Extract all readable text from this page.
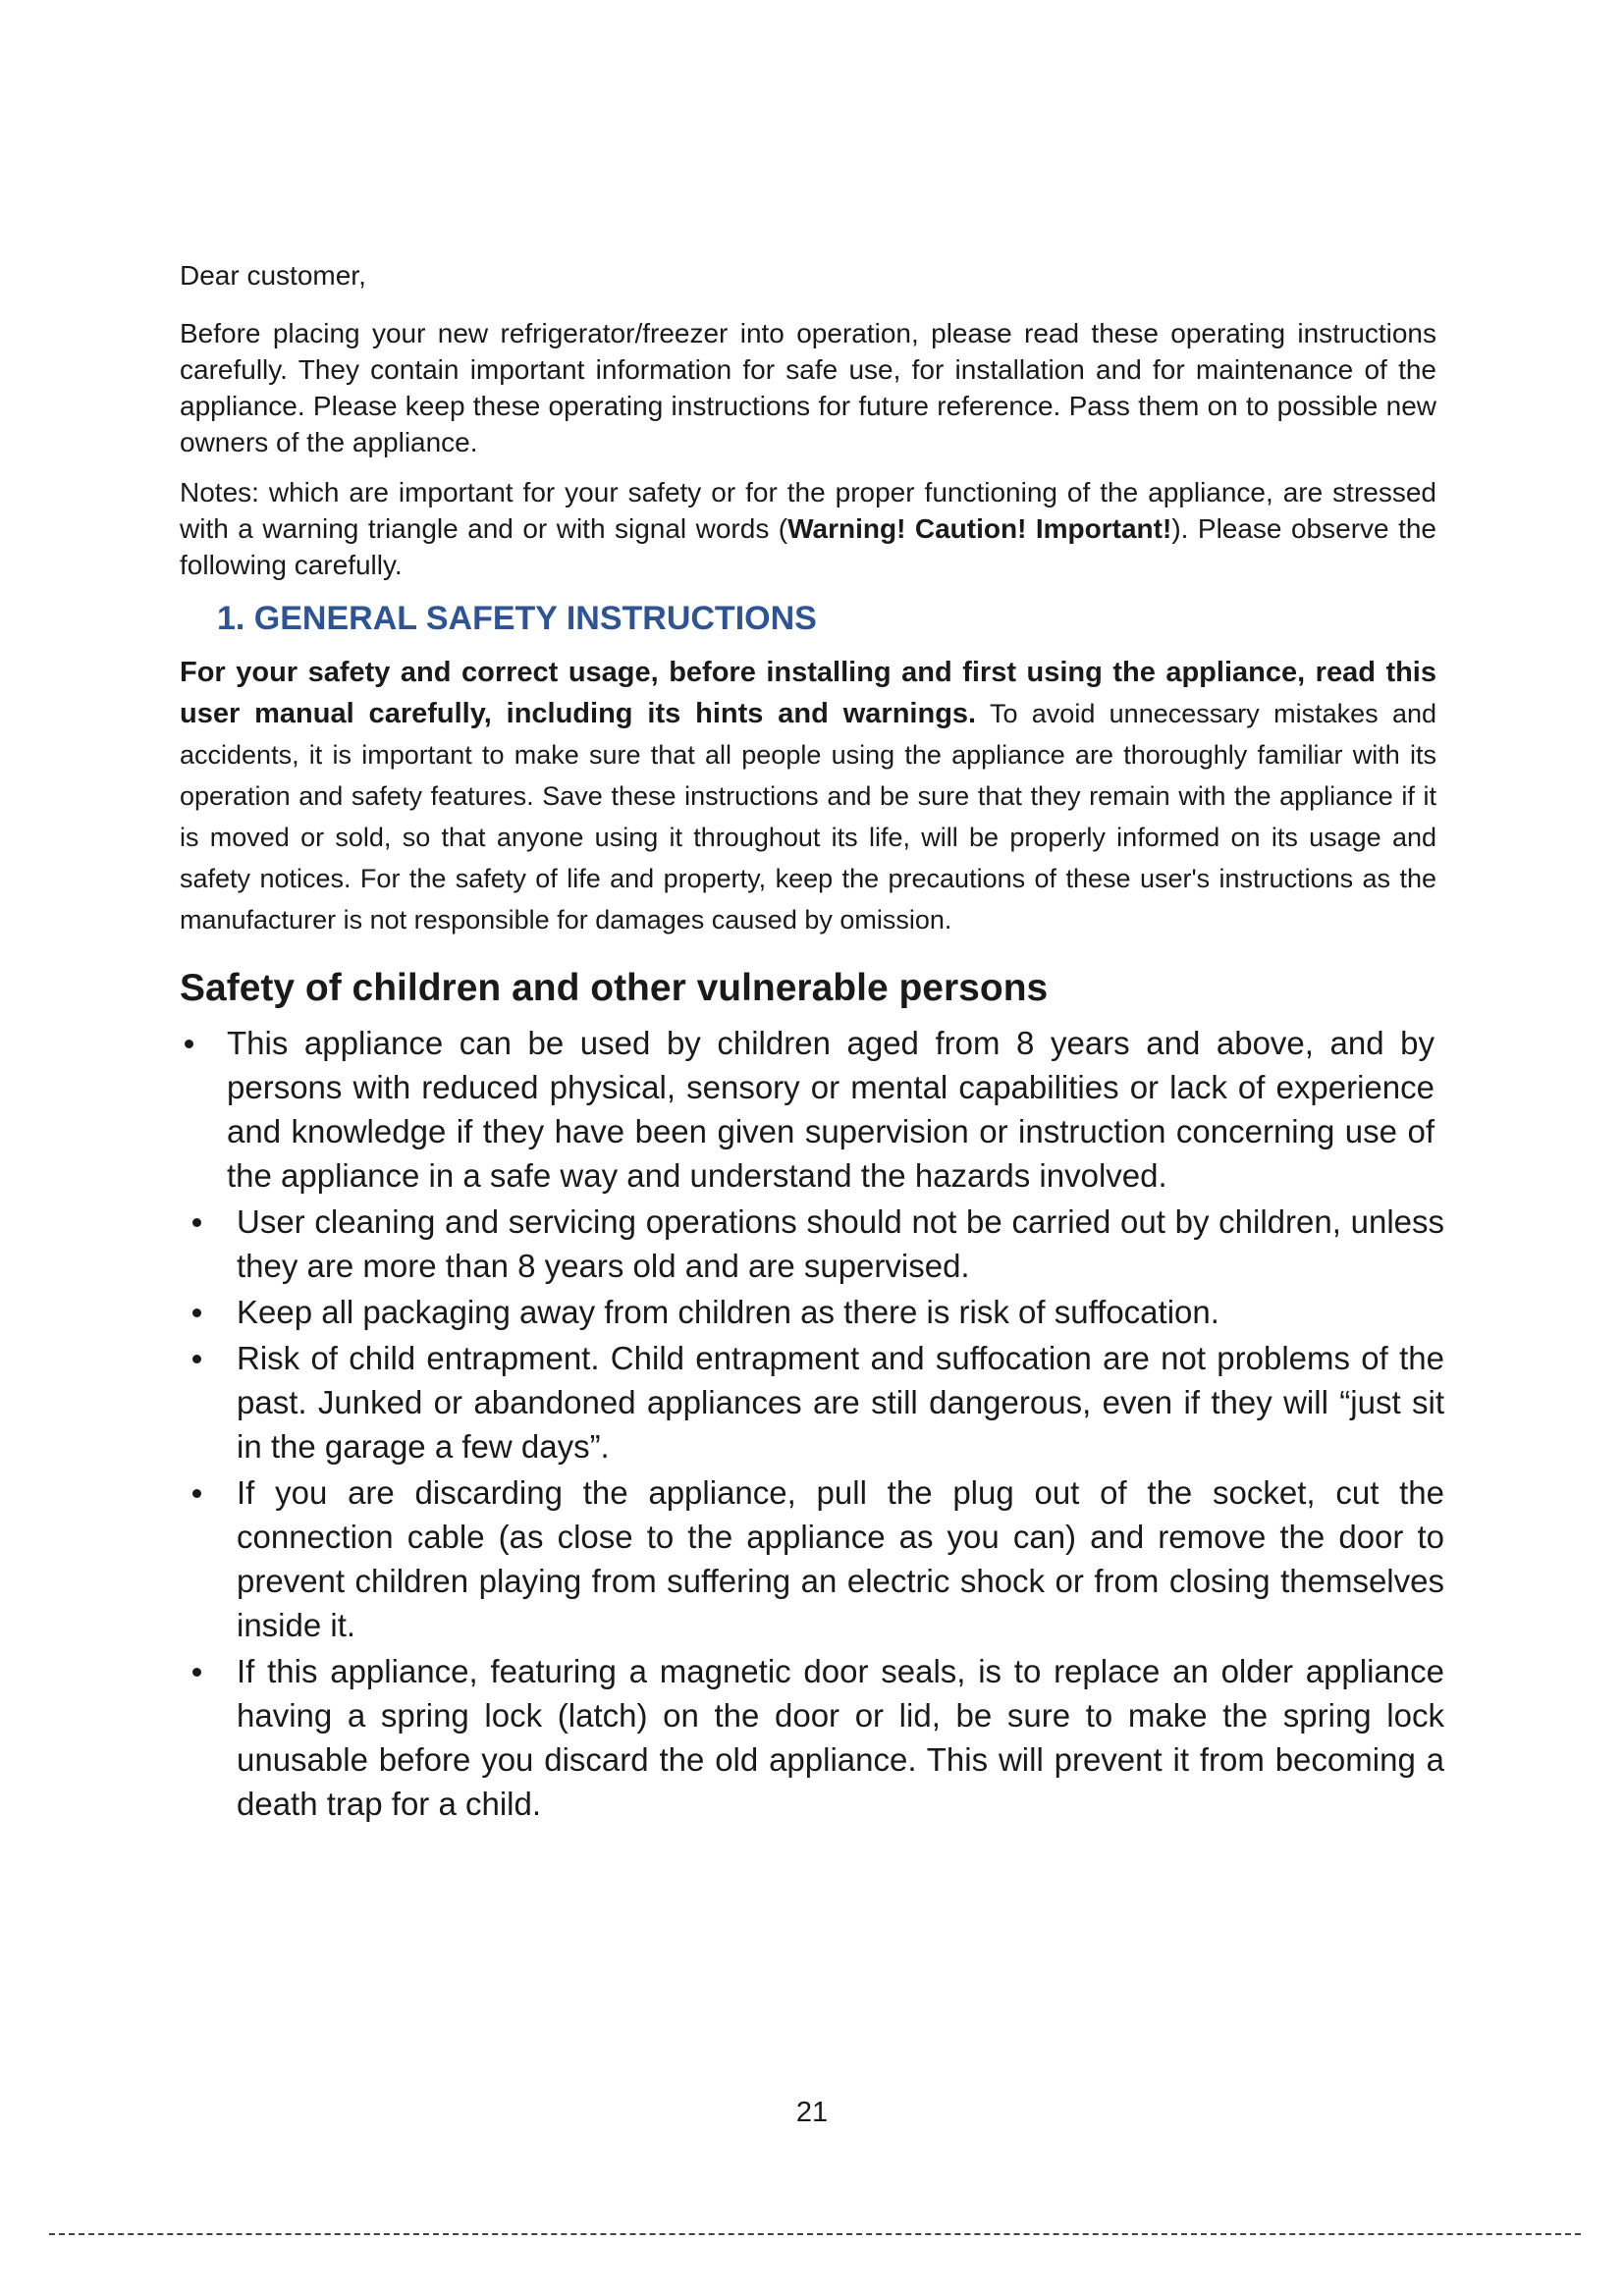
Dear customer,

Before placing your new refrigerator/freezer into operation, please read these operating instructions carefully. They contain important information for safe use, for installation and for maintenance of the appliance. Please keep these operating instructions for future reference. Pass them on to possible new owners of the appliance.

Notes: which are important for your safety or for the proper functioning of the appliance, are stressed with a warning triangle and or with signal words (Warning! Caution! Important!). Please observe the following carefully.

1. GENERAL SAFETY INSTRUCTIONS

For your safety and correct usage, before installing and first using the appliance, read this user manual carefully, including its hints and warnings. To avoid unnecessary mistakes and accidents, it is important to make sure that all people using the appliance are thoroughly familiar with its operation and safety features. Save these instructions and be sure that they remain with the appliance if it is moved or sold, so that anyone using it throughout its life, will be properly informed on its usage and safety notices. For the safety of life and property, keep the precautions of these user's instructions as the manufacturer is not responsible for damages caused by omission.

Safety of children and other vulnerable persons
This appliance can be used by children aged from 8 years and above, and by persons with reduced physical, sensory or mental capabilities or lack of experience and knowledge if they have been given supervision or instruction concerning use of the appliance in a safe way and understand the hazards involved.
User cleaning and servicing operations should not be carried out by children, unless they are more than 8 years old and are supervised.
Keep all packaging away from children as there is risk of suffocation.
Risk of child entrapment. Child entrapment and suffocation are not problems of the past. Junked or abandoned appliances are still dangerous, even if they will “just sit in the garage a few days”.
If you are discarding the appliance, pull the plug out of the socket, cut the connection cable (as close to the appliance as you can) and remove the door to prevent children playing from suffering an electric shock or from closing themselves inside it.
If this appliance, featuring a magnetic door seals, is to replace an older appliance having a spring lock (latch) on the door or lid, be sure to make the spring lock unusable before you discard the old appliance. This will prevent it from becoming a death trap for a child.
21
